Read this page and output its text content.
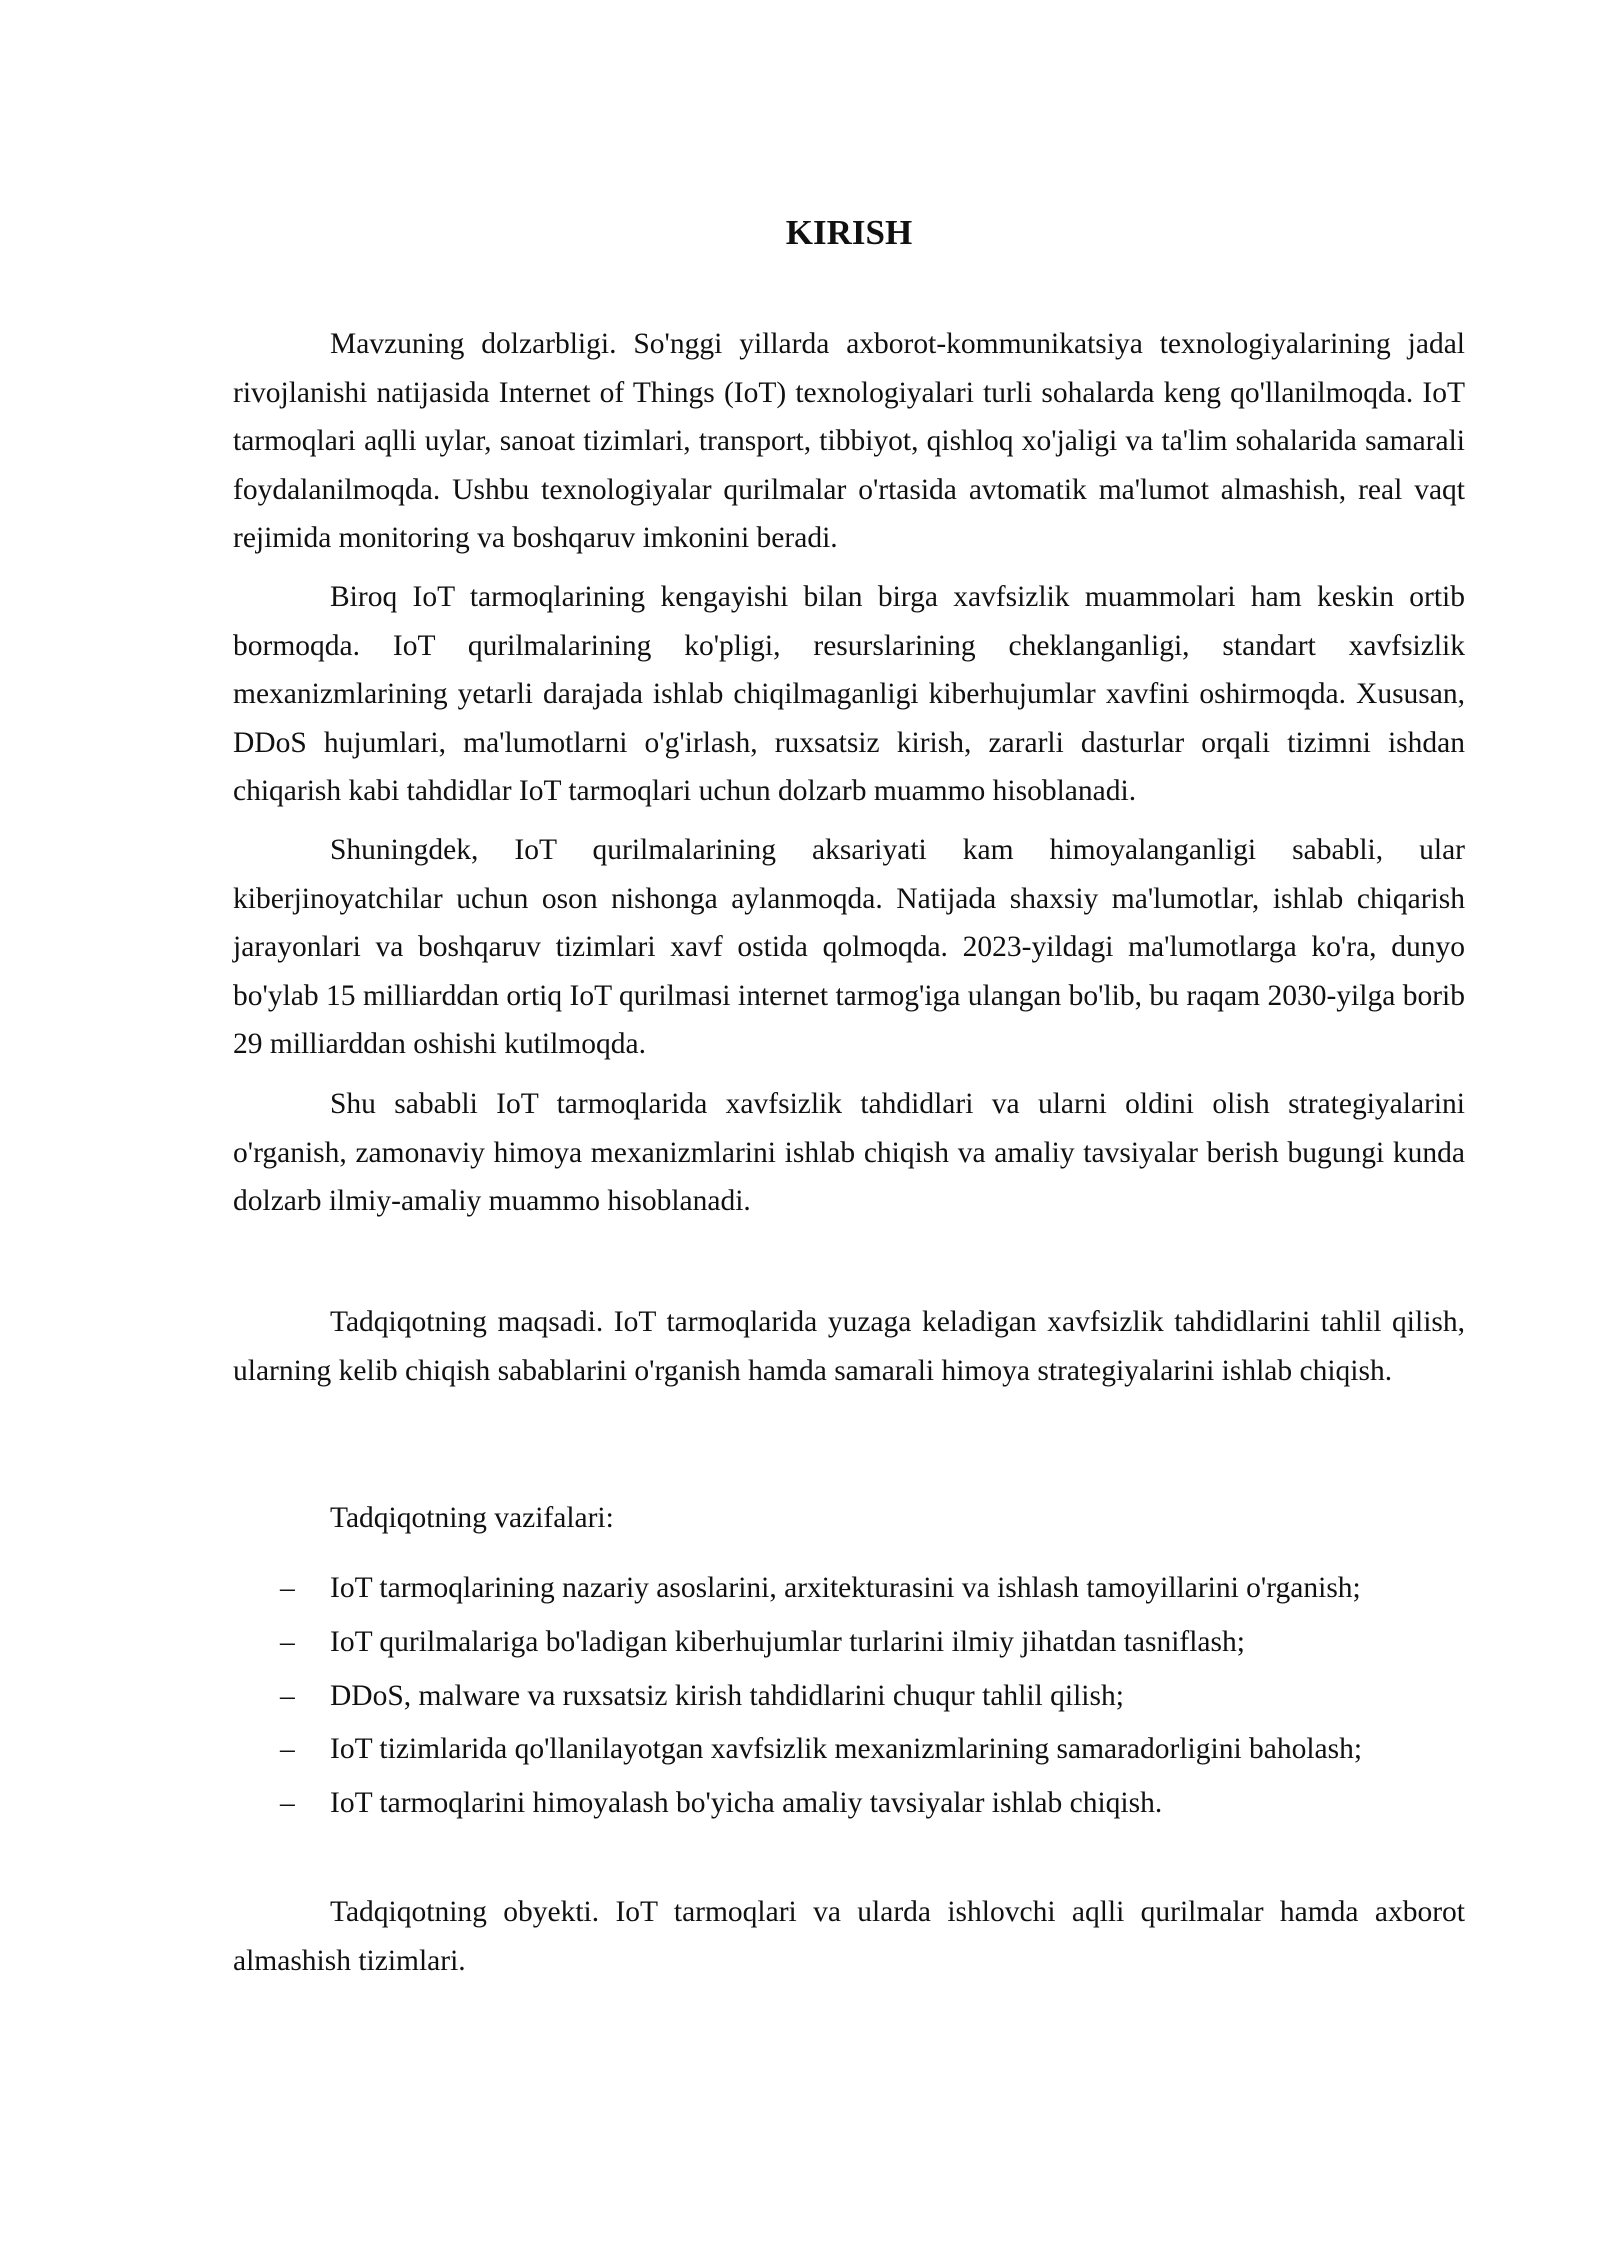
KIRISH

Mavzuning dolzarbligi. So'nggi yillarda axborot-kommunikatsiya texnologiyalarining jadal rivojlanishi natijasida Internet of Things (IoT) texnologiyalari turli sohalarda keng qo'llanilmoqda. IoT tarmoqlari aqlli uylar, sanoat tizimlari, transport, tibbiyot, qishloq xo'jaligi va ta'lim sohalarida samarali foydalanilmoqda. Ushbu texnologiyalar qurilmalar o'rtasida avtomatik ma'lumot almashish, real vaqt rejimida monitoring va boshqaruv imkonini beradi.

Biroq IoT tarmoqlarining kengayishi bilan birga xavfsizlik muammolari ham keskin ortib bormoqda. IoT qurilmalarining ko'pligi, resurslarining cheklanganligi, standart xavfsizlik mexanizmlarining yetarli darajada ishlab chiqilmaganligi kiberhujumlar xavfini oshirmoqda. Xususan, DDoS hujumlari, ma'lumotlarni o'g'irlash, ruxsatsiz kirish, zararli dasturlar orqali tizimni ishdan chiqarish kabi tahdidlar IoT tarmoqlari uchun dolzarb muammo hisoblanadi.

Shuningdek, IoT qurilmalarining aksariyati kam himoyalanganligi sababli, ular kiberjinoyatchilar uchun oson nishonga aylanmoqda. Natijada shaxsiy ma'lumotlar, ishlab chiqarish jarayonlari va boshqaruv tizimlari xavf ostida qolmoqda. 2023-yildagi ma'lumotlarga ko'ra, dunyo bo'ylab 15 milliarddan ortiq IoT qurilmasi internet tarmog'iga ulangan bo'lib, bu raqam 2030-yilga borib 29 milliarddan oshishi kutilmoqda.

Shu sababli IoT tarmoqlarida xavfsizlik tahdidlari va ularni oldini olish strategiyalarini o'rganish, zamonaviy himoya mexanizmlarini ishlab chiqish va amaliy tavsiyalar berish bugungi kunda dolzarb ilmiy-amaliy muammo hisoblanadi.

Tadqiqotning maqsadi. IoT tarmoqlarida yuzaga keladigan xavfsizlik tahdidlarini tahlil qilish, ularning kelib chiqish sabablarini o'rganish hamda samarali himoya strategiyalarini ishlab chiqish.

Tadqiqotning vazifalari:
– IoT tarmoqlarining nazariy asoslarini, arxitekturasini va ishlash tamoyillarini o'rganish;
– IoT qurilmalariga bo'ladigan kiberhujumlar turlarini ilmiy jihatdan tasniflash;
– DDoS, malware va ruxsatsiz kirish tahdidlarini chuqur tahlil qilish;
– IoT tizimlarida qo'llanilayotgan xavfsizlik mexanizmlarining samaradorligini baholash;
– IoT tarmoqlarini himoyalash bo'yicha amaliy tavsiyalar ishlab chiqish.

Tadqiqotning obyekti. IoT tarmoqlari va ularda ishlovchi aqlli qurilmalar hamda axborot almashish tizimlari.
